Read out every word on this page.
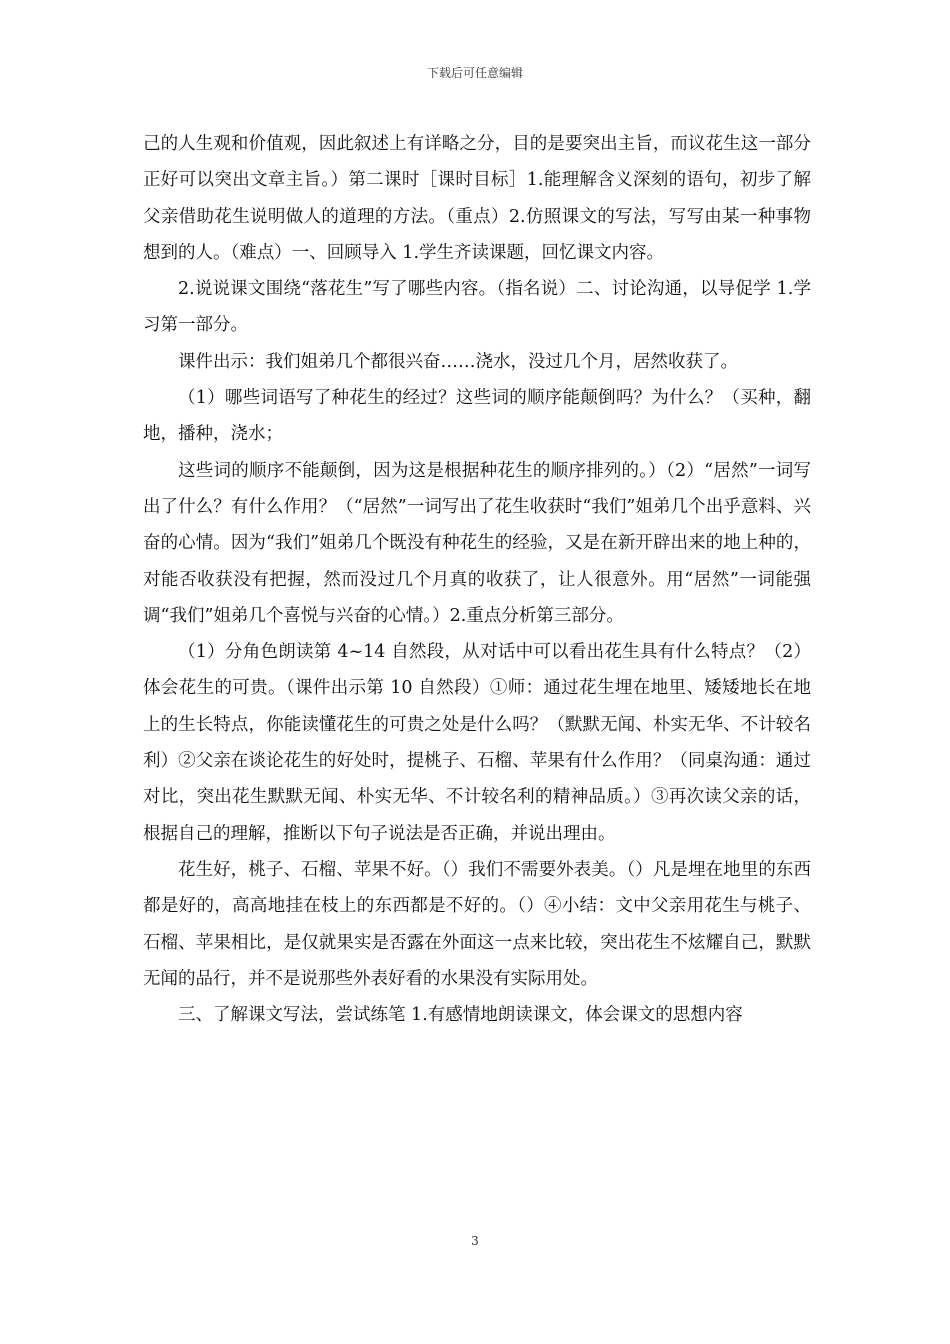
下载后可任意编辑

己的人生观和价值观，因此叙述上有详略之分，目的是要突出主旨，而议花生这一部分正好可以突出文章主旨。）第二课时［课时目标］1.能理解含义深刻的语句，初步了解父亲借助花生说明做人的道理的方法。（重点）2.仿照课文的写法，写写由某一种事物想到的人。（难点）一、回顾导入 1.学生齐读课题，回忆课文内容。

2.说说课文围绕“落花生”写了哪些内容。（指名说）二、讨论沟通，以导促学 1.学习第一部分。

课件出示：我们姐弟几个都很兴奋……浇水，没过几个月，居然收获了。

（1）哪些词语写了种花生的经过？这些词的顺序能颠倒吗？为什么？（买种，翻地，播种，浇水；

这些词的顺序不能颠倒，因为这是根据种花生的顺序排列的。）（2）“居然”一词写出了什么？有什么作用？（“居然”一词写出了花生收获时“我们”姐弟几个出乎意料、兴奋的心情。因为“我们”姐弟几个既没有种花生的经验，又是在新开辟出来的地上种的，对能否收获没有把握，然而没过几个月真的收获了，让人很意外。用“居然”一词能强调“我们”姐弟几个喜悦与兴奋的心情。）2.重点分析第三部分。

（1）分角色朗读第 4~14 自然段，从对话中可以看出花生具有什么特点？（2）体会花生的可贵。（课件出示第 10 自然段）①师：通过花生埋在地里、矮矮地长在地上的生长特点，你能读懂花生的可贵之处是什么吗？（默默无闻、朴实无华、不计较名利）②父亲在谈论花生的好处时，提桃子、石榴、苹果有什么作用？（同桌沟通：通过对比，突出花生默默无闻、朴实无华、不计较名利的精神品质。）③再次读父亲的话，根据自己的理解，推断以下句子说法是否正确，并说出理由。

花生好，桃子、石榴、苹果不好。（）我们不需要外表美。（）凡是埋在地里的东西都是好的，高高地挂在枝上的东西都是不好的。（）④小结：文中父亲用花生与桃子、石榴、苹果相比，是仅就果实是否露在外面这一点来比较，突出花生不炫耀自己，默默无闻的品行，并不是说那些外表好看的水果没有实际用处。

三、了解课文写法，尝试练笔 1.有感情地朗读课文，体会课文的思想内容

3
